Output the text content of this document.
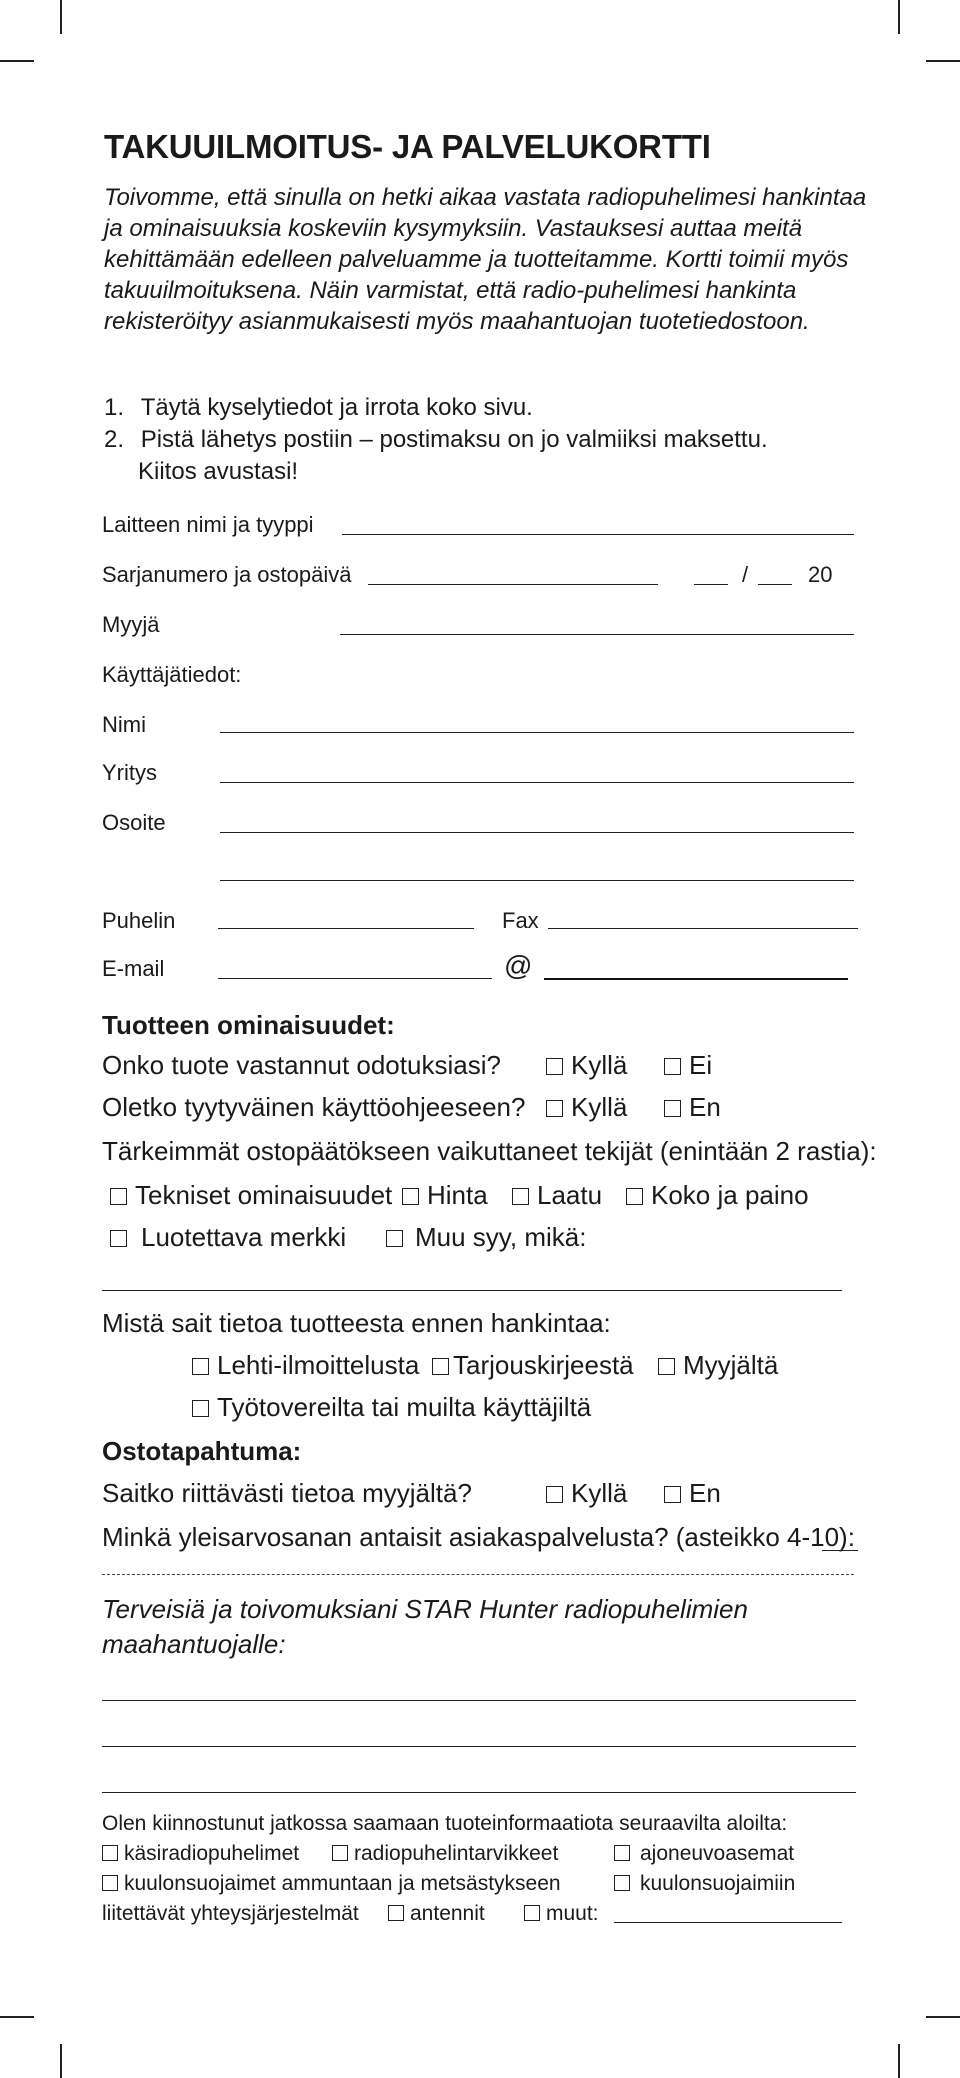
TAKUUILMOITUS- JA PALVELUKORTTI
Toivomme, että sinulla on hetki aikaa vastata radiopuhelimesi hankintaa ja ominaisuuksia koskeviin kysymyksiin. Vastauksesi auttaa meitä kehittämään edelleen palveluamme ja tuotteitamme. Kortti toimii myös takuuilmoituksena. Näin varmistat, että radio-puhelimesi hankinta rekisteröityy asianmukaisesti myös maahantuojan tuotetiedostoon.
1. Täytä kyselytiedot ja irrota koko sivu.
2. Pistä lähetys postiin – postimaksu on jo valmiiksi maksettu.
Kiitos avustasi!
Laitteen nimi ja tyyppi
Sarjanumero ja ostopäivä	/	20
Myyjä
Käyttäjätiedot:
Nimi
Yritys
Osoite
Puhelin	Fax
E-mail	@
Tuotteen ominaisuudet:
Onko tuote vastannut odotuksiasi?	Kyllä	Ei
Oletko tyytyväinen käyttöohjeeseen?	Kyllä	En
Tärkeimmät ostopäätökseen vaikuttaneet tekijät (enintään 2 rastia):
Tekniset ominaisuudet	Hinta	Laatu	Koko ja paino
Luotettava merkki	Muu syy, mikä:
Mistä sait tietoa tuotteesta ennen hankintaa:
Lehti-ilmoittelusta	Tarjouskirjeestä	Myyjältä
Työtovereilta tai muilta käyttäjiltä
Ostotapahtuma:
Saitko riittävästi tietoa myyjältä?	Kyllä	En
Minkä yleisarvosanan antaisit asiakaspalvelusta? (asteikko 4-10):
Terveisiä ja toivomuksiani STAR Hunter radiopuhelimien maahantuojalle:
Olen kiinnostunut jatkossa saamaan tuoteinformaatiota seuraavilta aloilta:
käsiradiopuhelimet	radiopuhelintarvikkeet	ajoneuvoasemat
kuulonsuojaimet ammuntaan ja metsästykseen	kuulonsuojaimiin
liitettävät yhteysjärjestelmät	antennit	muut:
